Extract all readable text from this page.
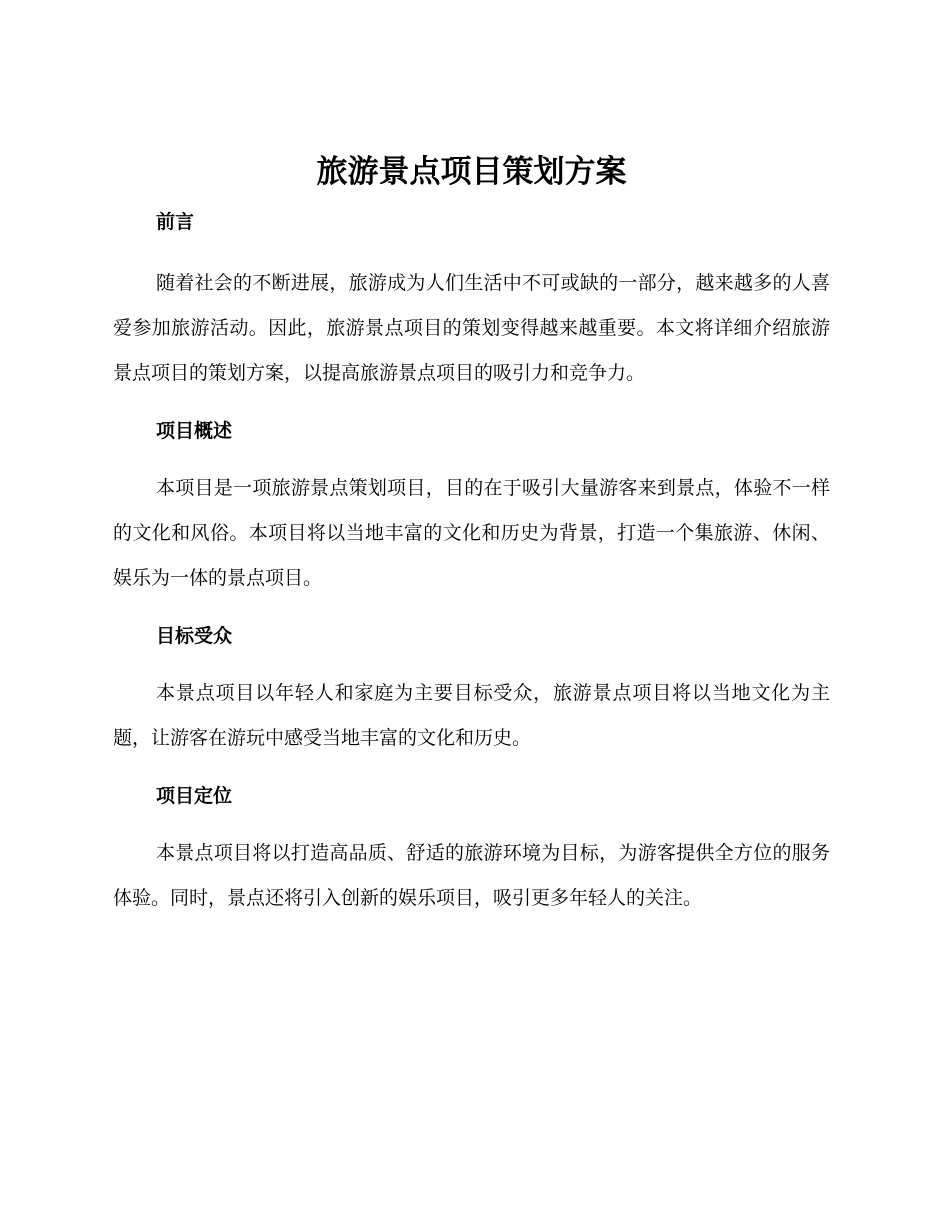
旅游景点项目策划方案
前言

随着社会的不断进展，旅游成为人们生活中不可或缺的一部分，越来越多的人喜爱参加旅游活动。因此，旅游景点项目的策划变得越来越重要。本文将详细介绍旅游景点项目的策划方案，以提高旅游景点项目的吸引力和竞争力。

项目概述

本项目是一项旅游景点策划项目，目的在于吸引大量游客来到景点，体验不一样的文化和风俗。本项目将以当地丰富的文化和历史为背景，打造一个集旅游、休闲、娱乐为一体的景点项目。

目标受众

本景点项目以年轻人和家庭为主要目标受众，旅游景点项目将以当地文化为主题，让游客在游玩中感受当地丰富的文化和历史。

项目定位

本景点项目将以打造高品质、舒适的旅游环境为目标，为游客提供全方位的服务体验。同时，景点还将引入创新的娱乐项目，吸引更多年轻人的关注。
